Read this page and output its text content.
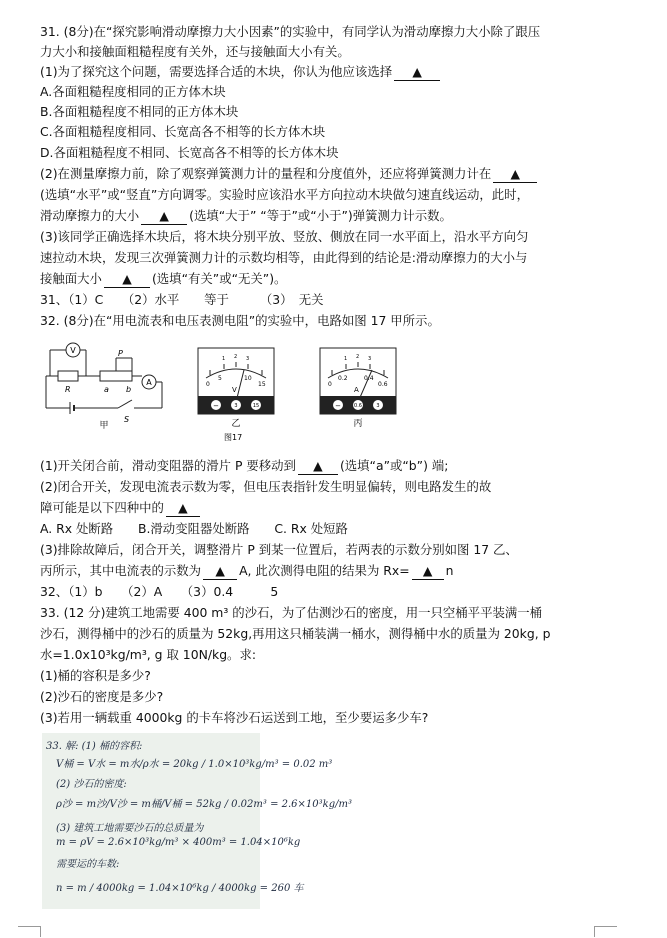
31. (8分)在“探究影响滑动摩擦力大小因素”的实验中，有同学认为滑动摩擦力大小除了跟压
力大小和接触面粗糙程度有关外，还与接触面大小有关。
(1)为了探究这个问题，需要选择合适的木块，你认为他应该选择 ▲
A.各面粗糙程度相同的正方体木块
B.各面粗糙程度不相同的正方体木块
C.各面粗糙程度相同、长宽高各不相等的长方体木块
D.各面粗糙程度不相同、长宽高各不相等的长方体木块
(2)在测量摩擦力前，除了观察弹簧测力计的量程和分度值外，还应将弹簧测力计在 ▲
(选填“水平”或“竖直”方向调零。实验时应该沿水平方向拉动木块做匀速直线运动，此时，
滑动摩擦力的大小 ▲ (选填“大于” “等于”或“小于”)弹簧测力计示数。
(3)该同学正确选择木块后，将木块分别平放、竖放、侧放在同一水平面上，沿水平方向匀
速拉动木块，发现三次弹簧测力计的示数均相等，由此得到的结论是:滑动摩擦力的大小与
接触面大小 ▲ (选填“有关”或“无关”)。
31、（1）C　　（2）水平　　等于　　　（3）　无关
32. (8分)在“用电流表和电压表测电阻”的实验中，电路如图 17 甲所示。
V
A
R
P
a b
S
甲
0
5	10
15
1 2 3
V
−	3	15
乙
图17
0
0.2	0.4
0.6
1 2 3
A
−	0.6	3
丙
(1)开关闭合前，滑动变阻器的滑片 P 要移动到 ▲ (选填“a”或“b”) 端;
(2)闭合开关，发现电流表示数为零，但电压表指针发生明显偏转，则电路发生的故
障可能是以下四种中的 ▲
A. Rx 处断路　　B.滑动变阻器处断路　　C. Rx 处短路
(3)排除故障后，闭合开关，调整滑片 P 到某一位置后，若两表的示数分别如图 17 乙、
丙所示，其中电流表的示数为 ▲ A, 此次测得电阻的结果为 Rx= ▲ n
32、（1）b　　（2）A　　（3）0.4　　　5
33. (12 分)建筑工地需要 400 m³ 的沙石，为了估测沙石的密度，用一只空桶平平装满一桶
沙石，测得桶中的沙石的质量为 52kg,再用这只桶装满一桶水，测得桶中水的质量为 20kg, p
水=1.0x10³kg/m³, g 取 10N/kg。求:
(1)桶的容积是多少?
(2)沙石的密度是多少?
(3)若用一辆载重 4000kg 的卡车将沙石运送到工地，至少要运多少车?
33. 解: (1) 桶的容积:
V桶 = V水 = m水/ρ水 = 20kg / 1.0×10³kg/m³ = 0.02 m³
(2) 沙石的密度:
ρ沙 = m沙/V沙 = m桶/V桶 = 52kg / 0.02m³ = 2.6×10³kg/m³
(3) 建筑工地需要沙石的总质量为
m = ρV = 2.6×10³kg/m³ × 400m³ = 1.04×10⁶kg
需要运的车数:
n = m / 4000kg = 1.04×10⁶kg / 4000kg = 260 车
